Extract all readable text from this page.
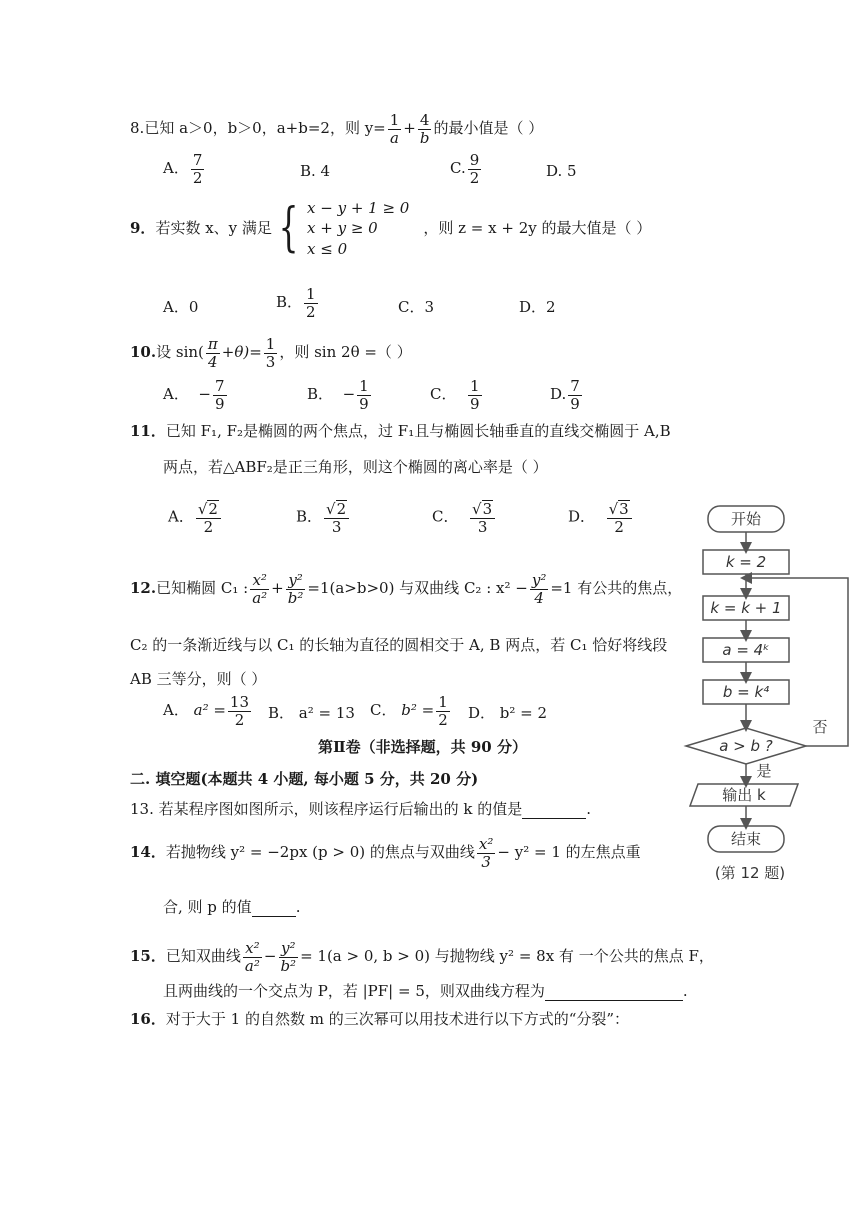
8.已知 a＞0，b＞0，a+b=2，则 $y= \frac{1}{a} + \frac{4}{b}$ 的最小值是（ ）
A． $\frac{7}{2}$	B. 4	C. $\frac{9}{2}$	D. 5
9． 若实数 x、y 满足 { x − y + 1 ≥ 0
x + y ≥ 0
x ≤ 0
，则 z = x + 2y 的最大值是（ ）
A．0	B． $\frac{1}{2}$	C．3	D．2
10.设 $\sin( \frac{\pi}{4} +\theta)= \frac{1}{3}$ ，则 sin 2θ =（ ）
A． − $\frac{7}{9}$	B． − $\frac{1}{9}$	C． $\frac{1}{9}$	D. $\frac{7}{9}$
11．已知 F₁, F₂是椭圆的两个焦点，过 F₁且与椭圆长轴垂直的直线交椭圆于 A,B
两点，若△ABF₂是正三角形，则这个椭圆的离心率是（ ）
A． $\frac{√2}{2}$	B． $\frac{√2}{3}$	C． $\frac{√3}{3}$	D． $\frac{√3}{2}$
12.已知椭圆 C₁ : $\frac{\text{x²}}{\text{a²}} + \frac{\text{y²}}{\text{b²}} =1(a>b>0)$ 与双曲线 C₂ : $x^2 - \frac{\text{y²}}{4} =1$ 有公共的焦点，
C₂ 的一条渐近线与以 C₁ 的长轴为直径的圆相交于 A, B 两点，若 C₁ 恰好将线段
AB 三等分，则（ ）
A． $a^2 = \frac{13}{2}$ B． a² = 13 C． $b^2 = \frac{1}{2}$ D． b² = 2
第Ⅱ卷（非选择题，共 90 分）
二. 填空题(本题共 4 小题, 每小题 5 分，共 20 分)
13. 若某程序图如图所示，则该程序运行后输出的 k 的值是	.
14．若抛物线 y² = −2px (p > 0) 的焦点与双曲线 $\frac{\text{x²}}{3} - y^2 = 1$ 的左焦点重
合, 则 p 的值	.
15．已知双曲线 $\frac{\text{x²}}{\text{a²}} - \frac{\text{y²}}{\text{b²}} = 1(a > 0$, b > 0) 与抛物线 y² = 8x 有 一个公共的焦点 F，
且两曲线的一个交点为 P，若 |PF| = 5，则双曲线方程为	.
16．对于大于 1 的自然数 m 的三次幂可以用技术进行以下方式的“分裂”：
开始
k = 2
k = k + 1
a = 4ᵏ
b = k⁴
a > b ?
否
是
输出 k
结束
(第 12 题)
